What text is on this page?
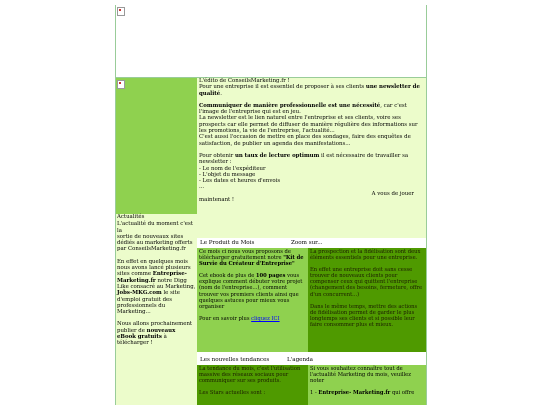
Actualités

L'actualité du moment c'est la

sortie de nouveaux sites

dédiés au marketing offerts

par ConseilsMarketing.fr

En effet en quelques mois nous avons lancé plusieurs sites comme Entreprise-Marketing.fr notre Digg Like consacré au Marketing, Jobs-MKG.com le site d'emploi gratuit des professionnels du Marketing...

Nous allons prochainement

publier de nouveaux eBook gratuits à télécharger !

L'édito de ConseilsMarketing.fr !

Pour une entreprise il est essentiel de proposer à ses clients une newsletter de qualité.

Communiquer de manière professionnelle est une nécessité, car c'est l'image de l'entreprise qui est en jeu.

La newsletter est le lien naturel entre l'entreprise et ses clients, voire ses prospects car elle permet de diffuser de manière régulière des informations sur les promotions, la vie de l'entreprise, l'actualité...

C'est aussi l'occasion de mettre en place des sondages, faire des enquêtes de satisfaction, de publier un agenda des manifestations...

Pour obtenir un taux de lecture optimum il est nécessaire de travailler sa newsletter :

- Le nom de l'expéditeur

- L'objet du message

- Les dates et heures d'envois

...

A vous de jouer

maintenant !

Le Produit du Mois	Zoom sur...

Ce mois ci nous vous proposons de télécharger gratuitement notre "Kit de Survie du Créateur d'Entreprise"

Cet ebook de plus de 100 pages vous explique comment débuter votre projet (nom de l'entreprise...), comment trouver vos premiers clients ainsi que quelques astuces pour mieux vous organiser

Pour en savoir plus cliquez ICI

La prospection et la fidélisation sont deux éléments essentiels pour une entreprise.

En effet une entreprise doit sans cesse trouver de nouveaux clients pour compenser ceux qui quittent l'entreprise (changement des besoins, fermeture, offre d'un concurrent...)

Dans le même temps, mettre des actions de fidélisation permet de garder le plus longtemps ses clients et si possible leur faire consommer plus et mieux.

Les nouvelles tendances	L'agenda

La tendance du mois, c'est l'utilisation massive des réseaux sociaux pour communiquer sur ses produits.

Les Stars actuelles sont :

Si vous souhaitez connaître tout de l'actualité Marketing du mois, veuillez noter

1 - Entreprise- Marketing.fr qui offre
